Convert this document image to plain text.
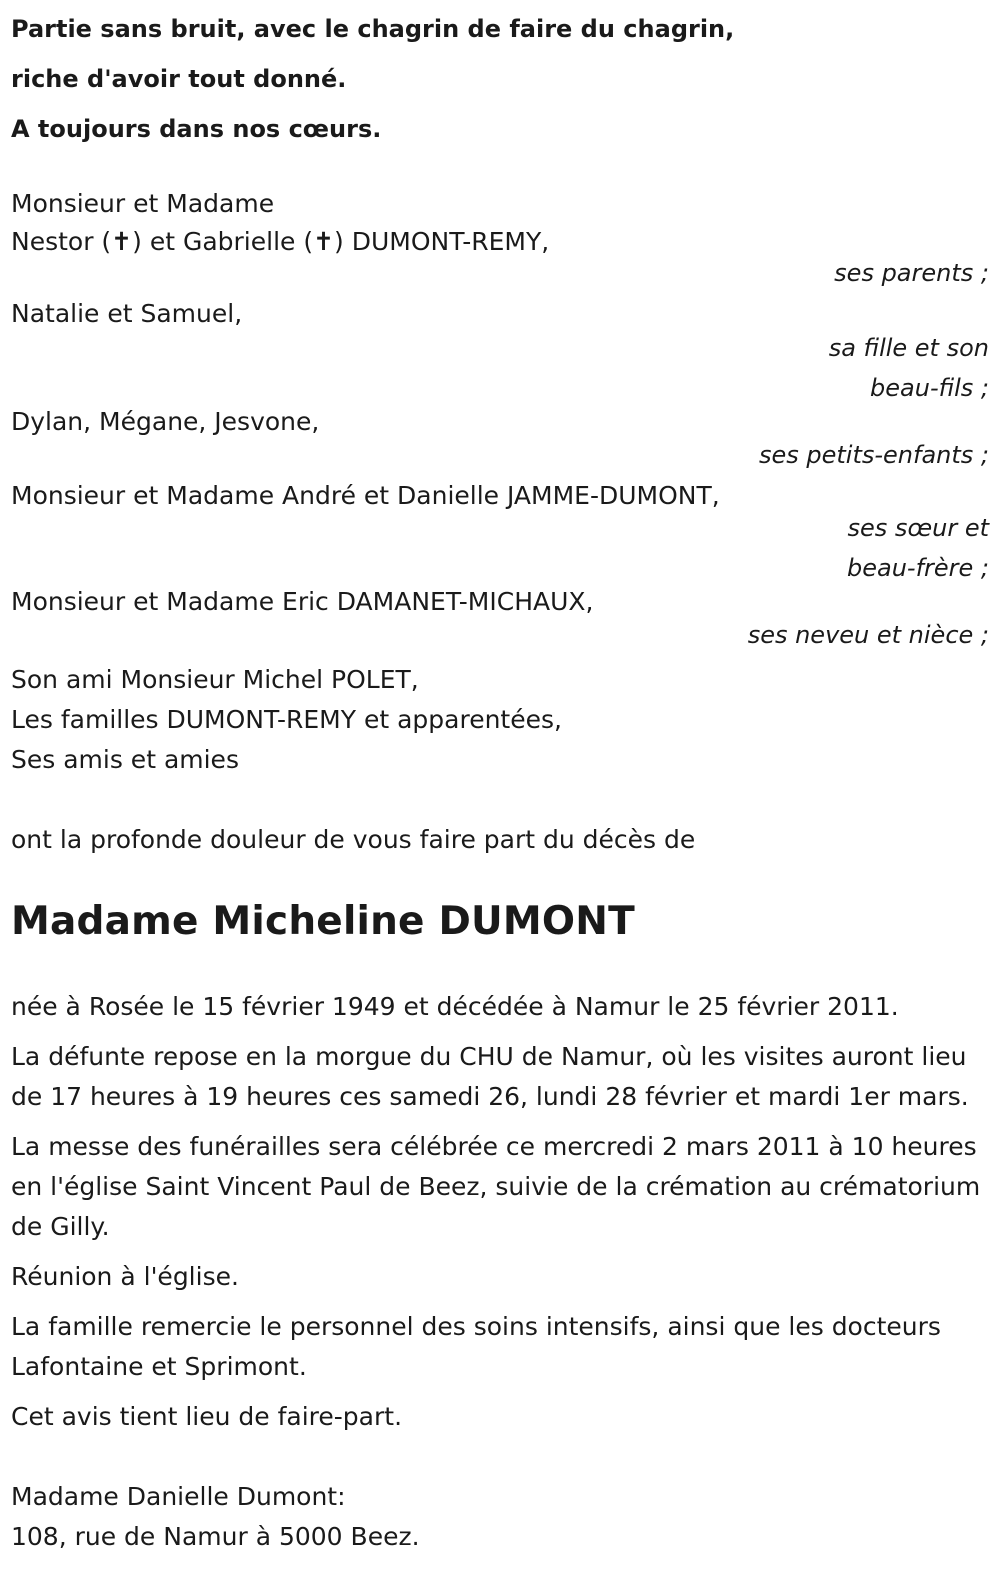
Partie sans bruit, avec le chagrin de faire du chagrin,
riche d'avoir tout donné.
A toujours dans nos cœurs.
Monsieur et Madame
Nestor (✝) et Gabrielle (✝) DUMONT-REMY,
ses parents ;
Natalie et Samuel,
sa fille et son
beau-fils ;
Dylan, Mégane, Jesvone,
ses petits-enfants ;
Monsieur et Madame André et Danielle JAMME-DUMONT,
ses sœur et
beau-frère ;
Monsieur et Madame Eric DAMANET-MICHAUX,
ses neveu et nièce ;
Son ami Monsieur Michel POLET,
Les familles DUMONT-REMY et apparentées,
Ses amis et amies
ont la profonde douleur de vous faire part du décès de
Madame Micheline DUMONT

née à Rosée le 15 février 1949 et décédée à Namur le 25 février 2011.

La défunte repose en la morgue du CHU de Namur, où les visites auront lieu de 17 heures à 19 heures ces samedi 26, lundi 28 février et mardi 1er mars.

La messe des funérailles sera célébrée ce mercredi 2 mars 2011 à 10 heures en l'église Saint Vincent Paul de Beez, suivie de la crémation au crématorium de Gilly.

Réunion à l'église.

La famille remercie le personnel des soins intensifs, ainsi que les docteurs Lafontaine et Sprimont.

Cet avis tient lieu de faire-part.

Madame Danielle Dumont:
108, rue de Namur à 5000 Beez.
